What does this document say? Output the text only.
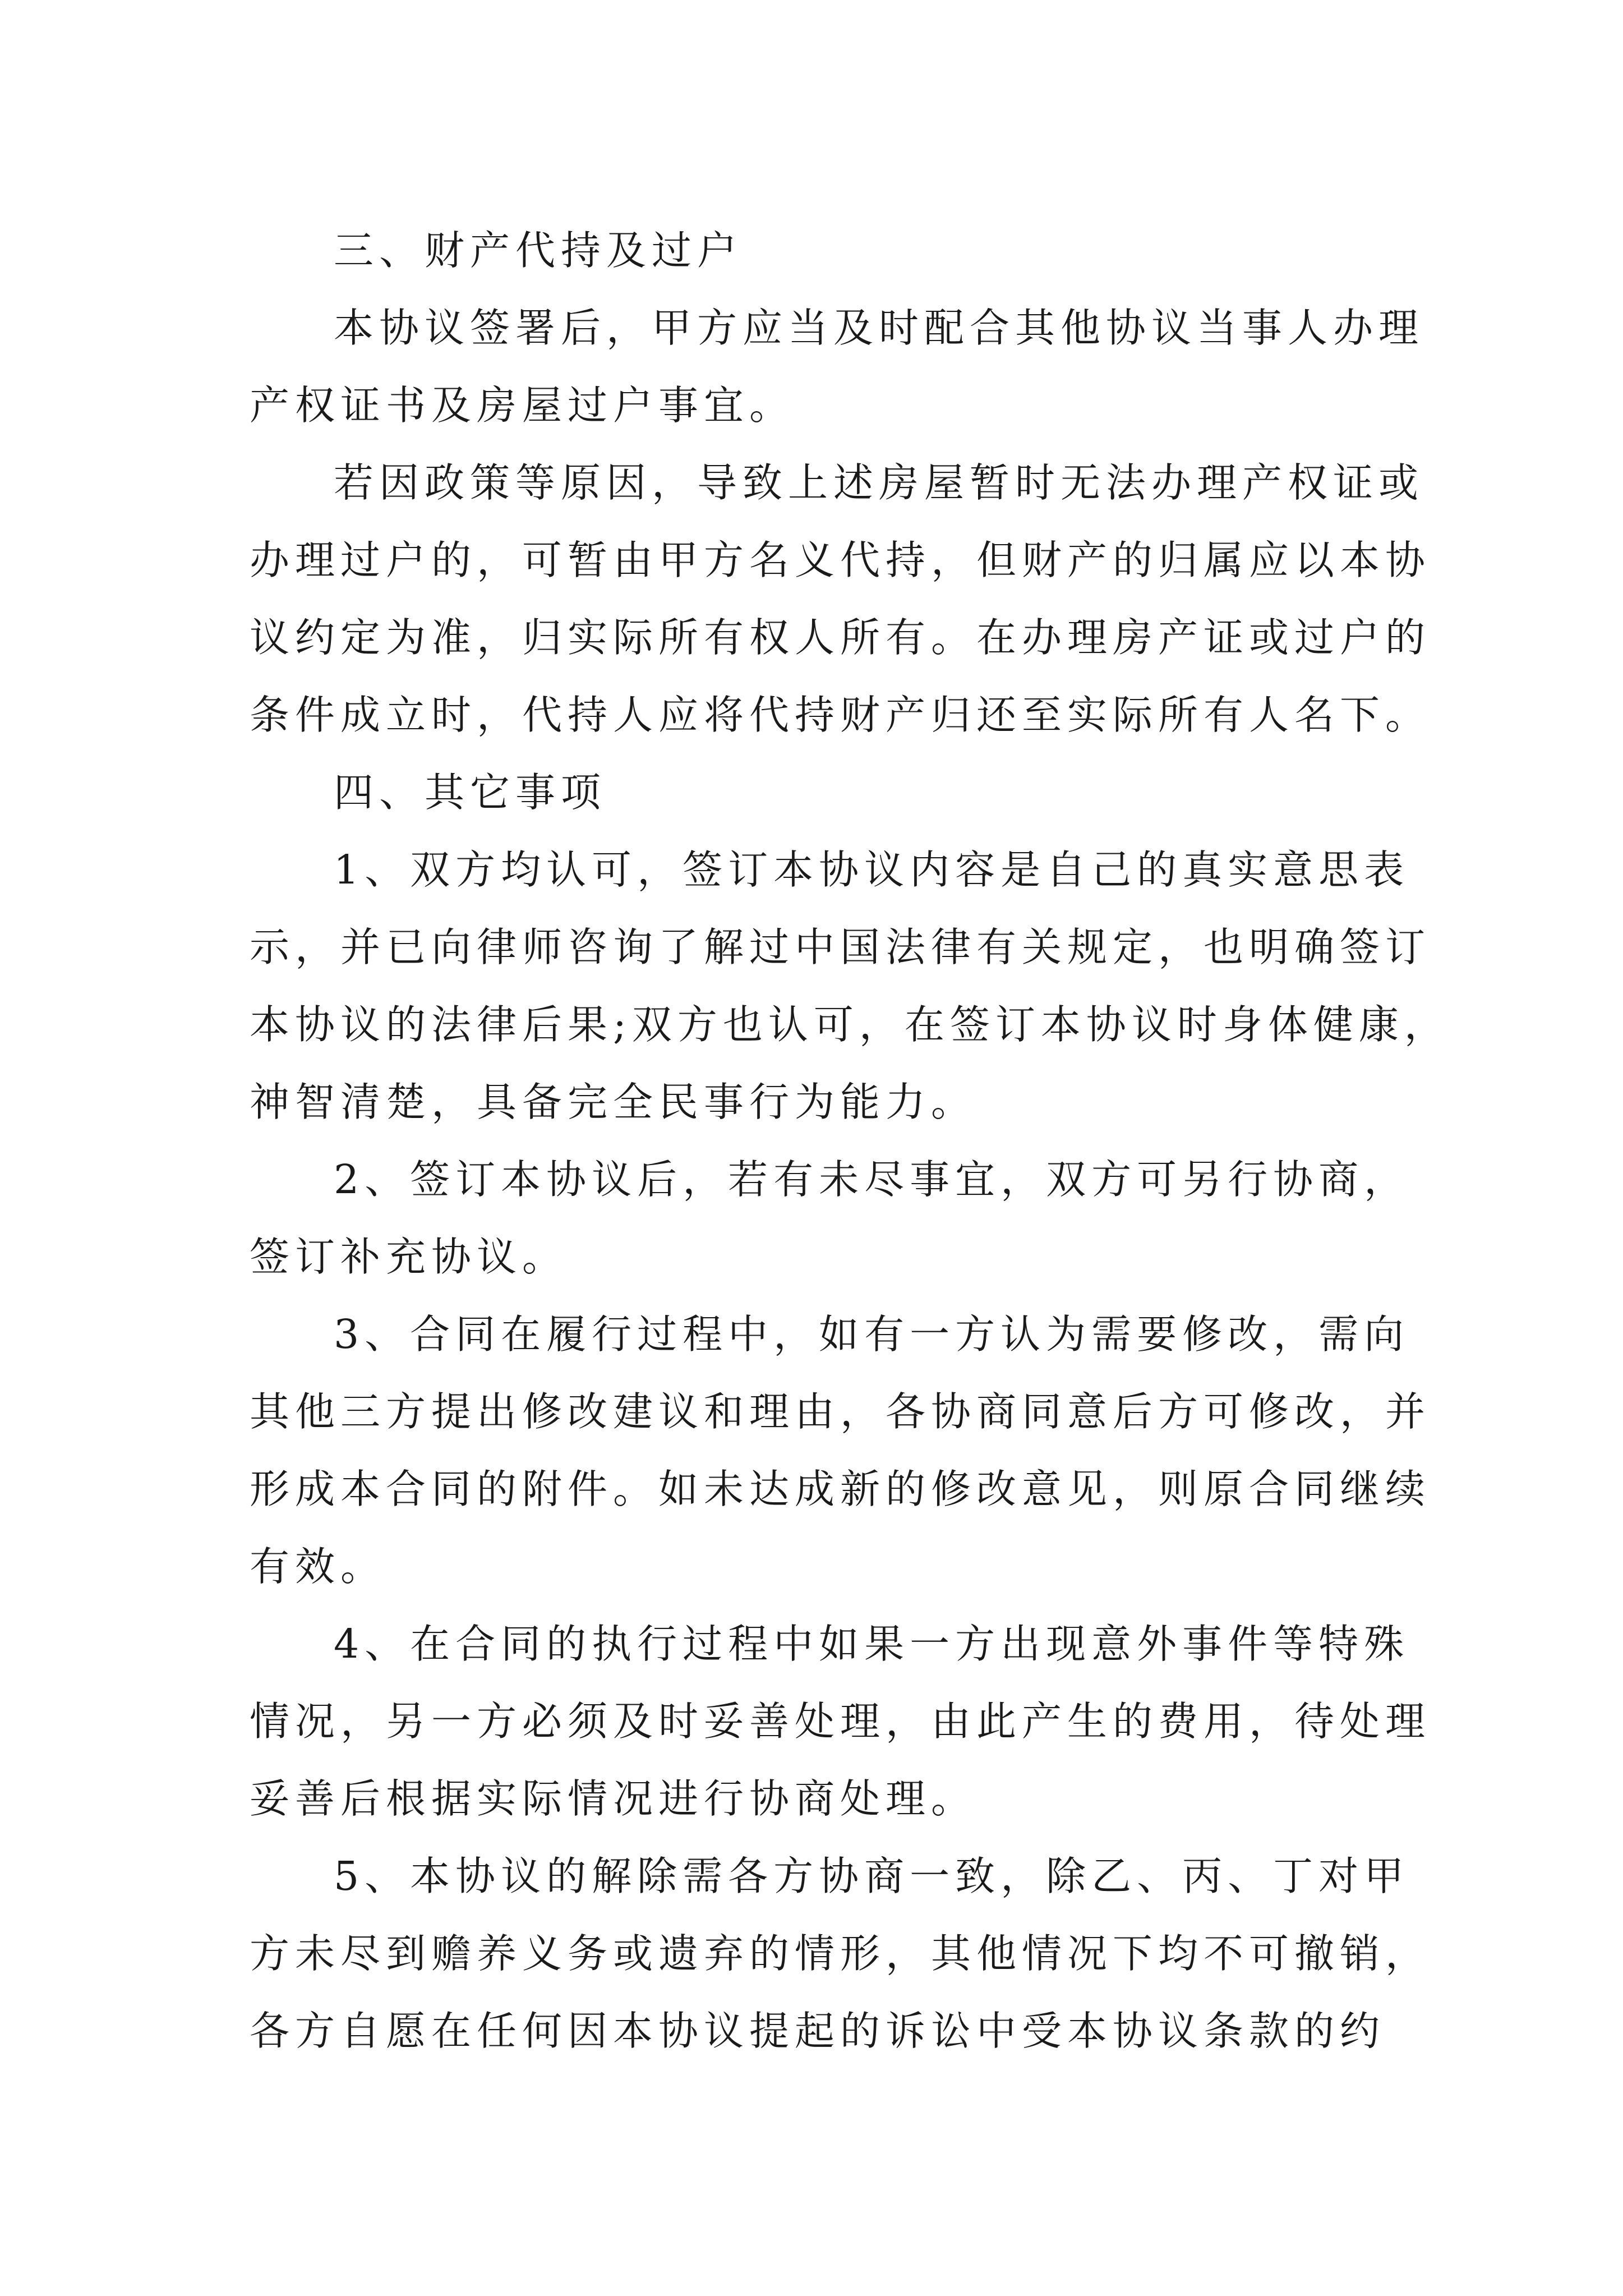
三、财产代持及过户
本协议签署后，甲方应当及时配合其他协议当事人办理
产权证书及房屋过户事宜。
若因政策等原因，导致上述房屋暂时无法办理产权证或
办理过户的，可暂由甲方名义代持，但财产的归属应以本协
议约定为准，归实际所有权人所有。在办理房产证或过户的
条件成立时，代持人应将代持财产归还至实际所有人名下。
四、其它事项
1、双方均认可，签订本协议内容是自己的真实意思表
示，并已向律师咨询了解过中国法律有关规定，也明确签订
本协议的法律后果;双方也认可，在签订本协议时身体健康，
神智清楚，具备完全民事行为能力。
2、签订本协议后，若有未尽事宜，双方可另行协商，
签订补充协议。
3、合同在履行过程中，如有一方认为需要修改，需向
其他三方提出修改建议和理由，各协商同意后方可修改，并
形成本合同的附件。如未达成新的修改意见，则原合同继续
有效。
4、在合同的执行过程中如果一方出现意外事件等特殊
情况，另一方必须及时妥善处理，由此产生的费用，待处理
妥善后根据实际情况进行协商处理。
5、本协议的解除需各方协商一致，除乙、丙、丁对甲
方未尽到赡养义务或遗弃的情形，其他情况下均不可撤销，
各方自愿在任何因本协议提起的诉讼中受本协议条款的约
